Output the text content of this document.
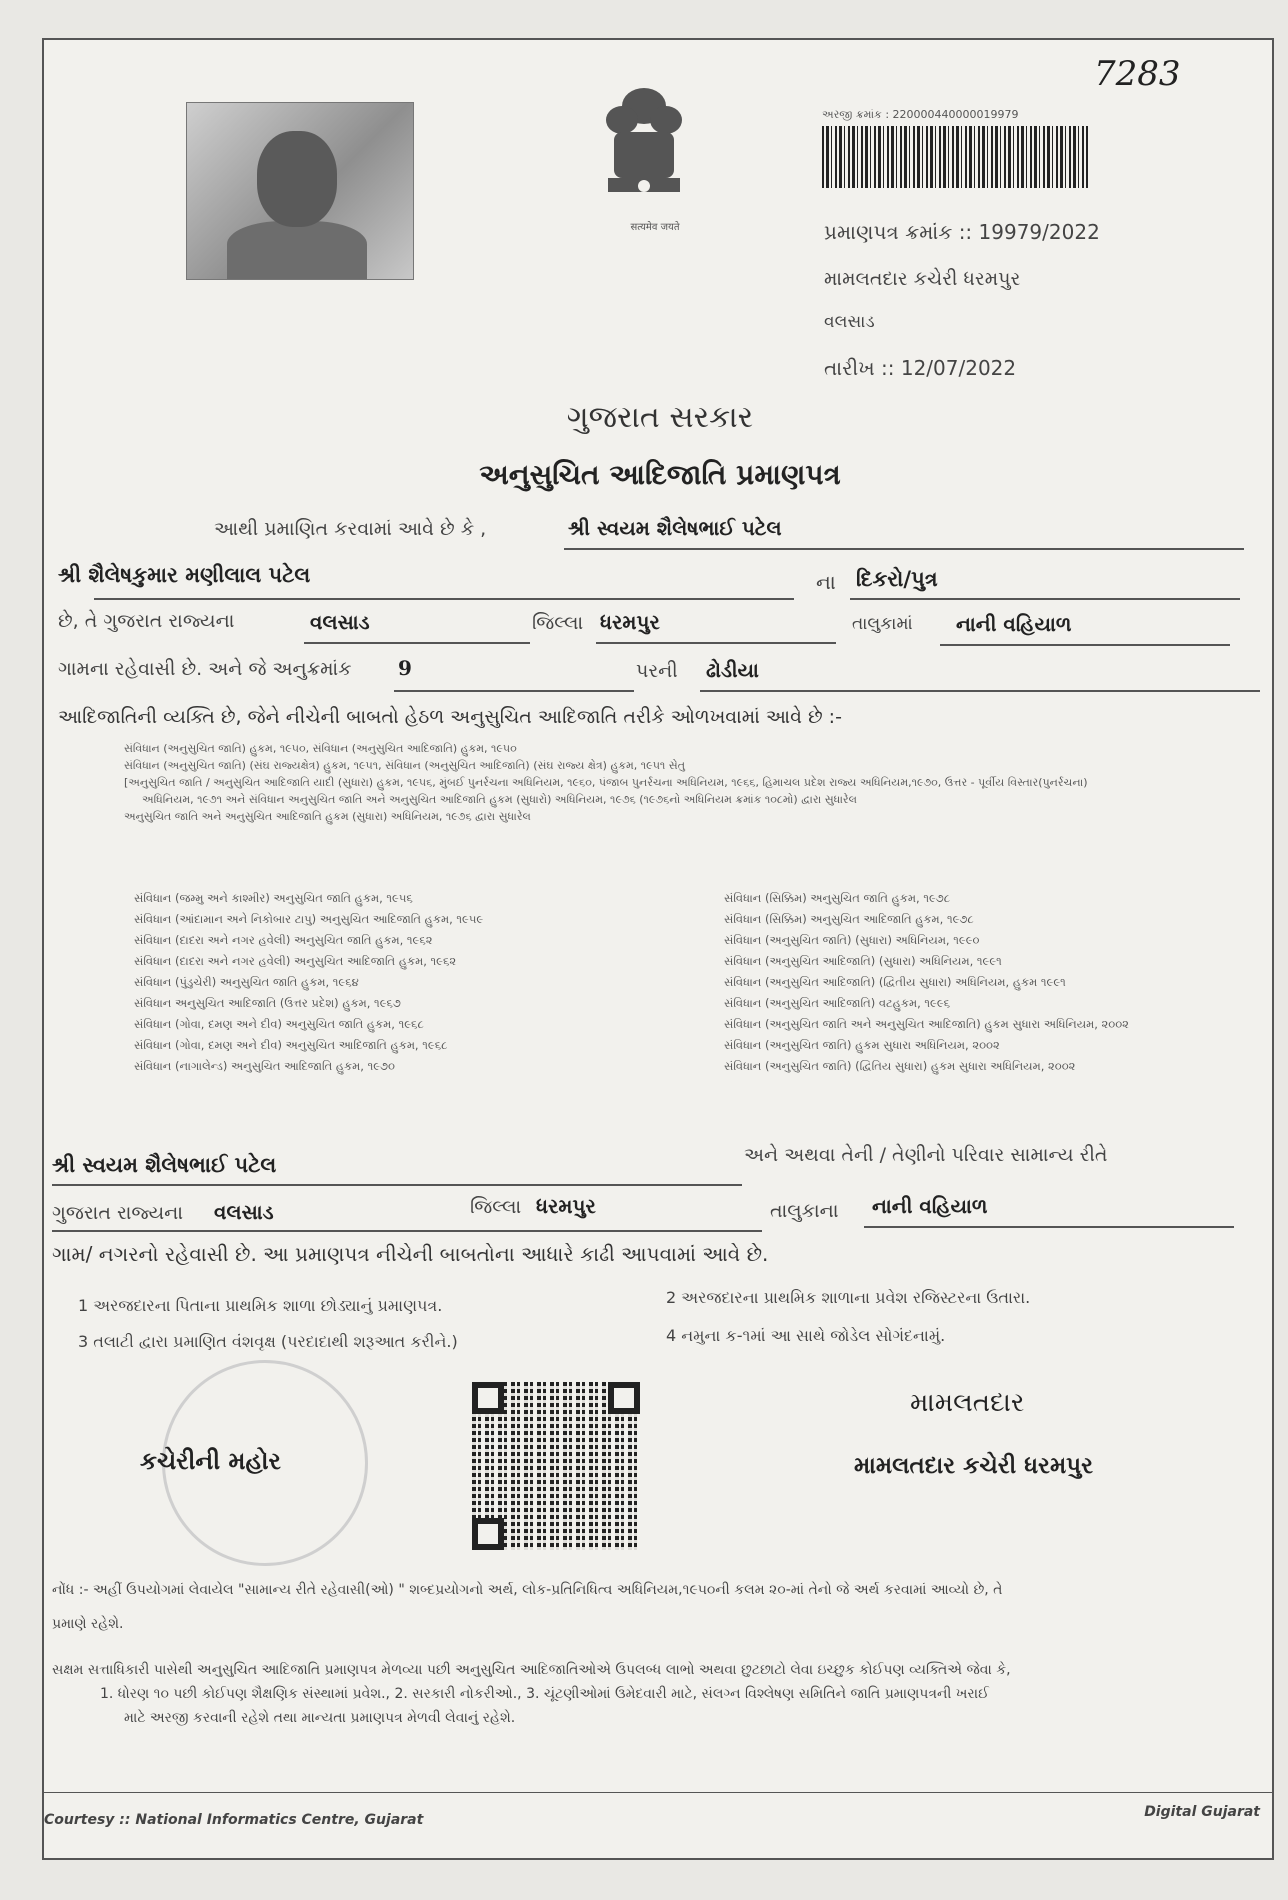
सत्यमेव जयते
7283
અરજી ક્રમાંક : 220000440000019979
પ્રમાણપત્ર ક્રમાંક :: 19979/2022
મામલતદાર કચેરી ધરમપુર
વલસાડ
તારીખ :: 12/07/2022
ગુજરાત સરકાર
અનુસુચિત આદિજાતિ પ્રમાણપત્ર
આથી પ્રમાણિત કરવામાં આવે છે કે ,	શ્રી સ્વયમ શૈલેષભાઈ પટેલ
શ્રી શૈલેષકુમાર મણીલાલ પટેલ	ના દિકરો/પુત્ર
છે, તે ગુજરાત રાજ્યના	વલસાડ	જિલ્લા ધરમપુર	તાલુકામાં નાની વહિયાળ
ગામના રહેવાસી છે. અને જે અનુક્રમાંક 9	પરની ઢોડીયા
આદિજાતિની વ્યક્તિ છે, જેને નીચેની બાબતો હેઠળ અનુસુચિત આદિજાતિ તરીકે ઓળખવામાં આવે છે :-
સંવિધાન (અનુસુચિત જાતિ) હુકમ, ૧૯૫૦, સંવિધાન (અનુસુચિત આદિજાતિ) હુકમ, ૧૯૫૦
સંવિધાન (અનુસુચિત જાતિ) (સંઘ રાજ્યક્ષેત્ર) હુકમ, ૧૯૫૧, સંવિધાન (અનુસુચિત આદિજાતિ) (સંઘ રાજ્ય ક્ષેત્ર) હુકમ, ૧૯૫૧ સેતુ
[અનુસુચિત જાતિ / અનુસુચિત આદિજાતિ યાદી (સુધારા) હુકમ, ૧૯૫૬, મુંબઈ પુનર્રચના અધિનિયમ, ૧૯૬૦, પંજાબ પુનર્રચના અધિનિયમ, ૧૯૬૬, હિમાચલ પ્રદેશ રાજ્ય અધિનિયમ,૧૯૭૦, ઉત્તર - પૂર્વીય વિસ્તાર(પુનર્રચના)
અધિનિયમ, ૧૯૭૧ અને સંવિધાન અનુસુચિત જાતિ અને અનુસુચિત આદિજાતિ હુકમ (સુધારો) અધિનિયમ, ૧૯૭૬ (૧૯૭૬નો અધિનિયમ ક્રમાંક ૧૦૮મો) દ્વારા સુધારેલ
અનુસુચિત જાતિ અને અનુસુચિત આદિજાતિ હુકમ (સુધારા) અધિનિયમ, ૧૯૭૬ દ્વારા સુધારેલ
સંવિધાન (જમ્મુ અને કાશ્મીર) અનુસુચિત જાતિ હુકમ, ૧૯૫૬
સંવિધાન (આંદામાન અને નિકોબાર ટાપુ) અનુસુચિત આદિજાતિ હુકમ, ૧૯૫૯
સંવિધાન (દાદરા અને નગર હવેલી) અનુસુચિત જાતિ હુકમ, ૧૯૬૨
સંવિધાન (દાદરા અને નગર હવેલી) અનુસુચિત આદિજાતિ હુકમ, ૧૯૬૨
સંવિધાન (પુંડુચેરી) અનુસુચિત જાતિ હુકમ, ૧૯૬૪
સંવિધાન અનુસુચિત આદિજાતિ (ઉત્તર પ્રદેશ) હુકમ, ૧૯૬૭
સંવિધાન (ગોવા, દમણ અને દીવ) અનુસુચિત જાતિ હુકમ, ૧૯૬૮
સંવિધાન (ગોવા, દમણ અને દીવ) અનુસુચિત આદિજાતિ હુકમ, ૧૯૬૮
સંવિધાન (નાગાલેન્ડ) અનુસુચિત આદિજાતિ હુકમ, ૧૯૭૦
સંવિધાન (સિક્કિમ) અનુસુચિત જાતિ હુકમ, ૧૯૭૮
સંવિધાન (સિક્કિમ) અનુસુચિત આદિજાતિ હુકમ, ૧૯૭૮
સંવિધાન (અનુસુચિત જાતિ) (સુધારા) અધિનિયમ, ૧૯૯૦
સંવિધાન (અનુસુચિત આદિજાતિ) (સુધારા) અધિનિયમ, ૧૯૯૧
સંવિધાન (અનુસુચિત આદિજાતિ) (દ્વિતીય સુધારા) અધિનિયમ, હુકમ ૧૯૯૧
સંવિધાન (અનુસુચિત આદિજાતિ) વટહુકમ, ૧૯૯૬
સંવિધાન (અનુસુચિત જાતિ અને અનુસુચિત આદિજાતિ) હુકમ સુધારા અધિનિયમ, ૨૦૦૨
સંવિધાન (અનુસુચિત જાતિ) હુકમ સુધારા અધિનિયમ, ૨૦૦૨
સંવિધાન (અનુસુચિત જાતિ) (દ્વિતિય સુધારા) હુકમ સુધારા અધિનિયમ, ૨૦૦૨
શ્રી સ્વયમ શૈલેષભાઈ પટેલ	અને અથવા તેની / તેણીનો પરિવાર સામાન્ય રીતે
ગુજરાત રાજ્યના વલસાડ	જિલ્લા ધરમપુર	તાલુકાના નાની વહિયાળ
ગામ/ નગરનો રહેવાસી છે. આ પ્રમાણપત્ર નીચેની બાબતોના આધારે કાઢી આપવામાં આવે છે.
1 અરજદારના પિતાના પ્રાથમિક શાળા છોડ્યાનું પ્રમાણપત્ર.	2 અરજદારના પ્રાથમિક શાળાના પ્રવેશ રજિસ્ટરના ઉતારા.
3 તલાટી દ્વારા પ્રમાણિત વંશવૃક્ષ (પરદાદાથી શરૂઆત કરીને.)	4 નમુના ક-૧માં આ સાથે જોડેલ સોગંદનામું.
કચેરીની મહોર
મામલતદાર
મામલતદાર કચેરી ધરમપુર
નોંધ :- અહીં ઉપયોગમાં લેવાયેલ "સામાન્ય રીતે રહેવાસી(ઓ) " શબ્દપ્રયોગનો અર્થ, લોક-પ્રતિનિધિત્વ અધિનિયમ,૧૯૫૦ની કલમ ૨૦-માં તેનો જે અર્થ કરવામાં આવ્યો છે, તે
પ્રમાણે રહેશે.
સક્ષમ સત્તાધિકારી પાસેથી અનુસુચિત આદિજાતિ પ્રમાણપત્ર મેળવ્યા પછી અનુસુચિત આદિજાતિઓએ ઉપલબ્ધ લાભો અથવા છુટછાટો લેવા ઇચ્છુક કોઈપણ વ્યક્તિએ જેવા કે,
1. ધોરણ ૧૦ પછી કોઈપણ શૈક્ષણિક સંસ્થામાં પ્રવેશ., 2. સરકારી નોકરીઓ., 3. ચૂંટણીઓમાં ઉમેદવારી માટે, સંલગ્ન વિશ્લેષણ સમિતિને જાતિ પ્રમાણપત્રની ખરાઈ
માટે અરજી કરવાની રહેશે તથા માન્યતા પ્રમાણપત્ર મેળવી લેવાનું રહેશે.
Courtesy :: National Informatics Centre, Gujarat	Digital Gujarat
